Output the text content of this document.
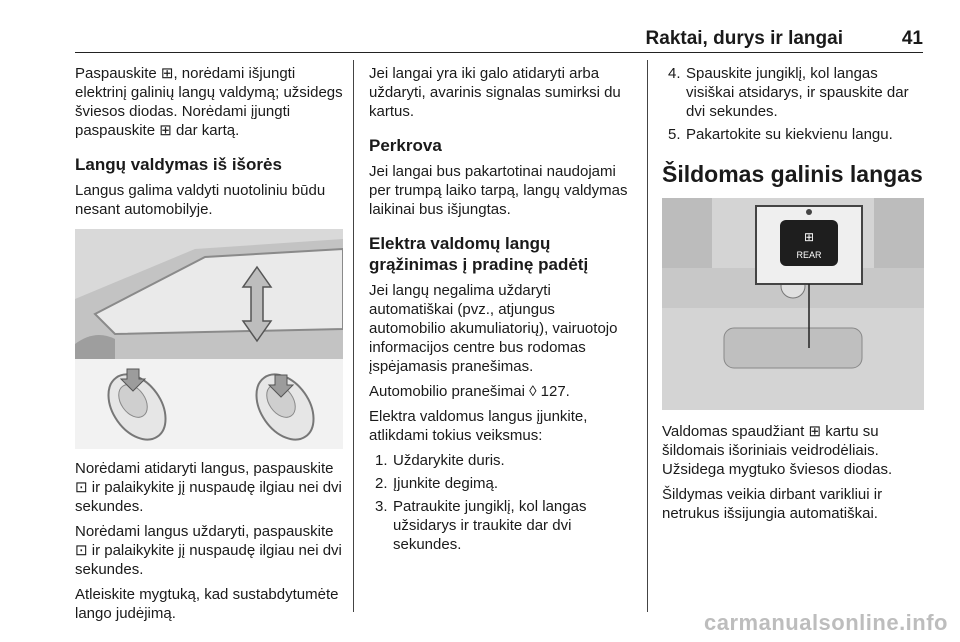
Raktai, durys ir langai	41

Paspauskite ⊞, norėdami išjungti elektrinį galinių langų valdymą; užsidegs šviesos diodas. Norėdami įjungti paspauskite ⊞ dar kartą.

Langų valdymas iš išorės

Langus galima valdyti nuotoliniu būdu nesant automobilyje.

Norėdami atidaryti langus, paspauskite ⊡ ir palaikykite jį nuspaudę ilgiau nei dvi sekundes.

Norėdami langus uždaryti, paspauskite ⊡ ir palaikykite jį nuspaudę ilgiau nei dvi sekundes.

Atleiskite mygtuką, kad sustabdytumėte lango judėjimą.

Jei langai yra iki galo atidaryti arba uždaryti, avarinis signalas sumirksi du kartus.

Perkrova

Jei langai bus pakartotinai naudojami per trumpą laiko tarpą, langų valdymas laikinai bus išjungtas.

Elektra valdomų langų grąžinimas į pradinę padėtį

Jei langų negalima uždaryti automatiškai (pvz., atjungus automobilio akumuliatorių), vairuotojo informacijos centre bus rodomas įspėjamasis pranešimas.

Automobilio pranešimai ◊ 127.

Elektra valdomus langus įjunkite, atlikdami tokius veiksmus:

1. Uždarykite duris.
2. Įjunkite degimą.
3. Patraukite jungiklį, kol langas užsidarys ir traukite dar dvi sekundes.
4. Spauskite jungiklį, kol langas visiškai atsidarys, ir spauskite dar dvi sekundes.
5. Pakartokite su kiekvienu langu.
Šildomas galinis langas
REAR
⊞

Valdomas spaudžiant ⊞ kartu su šildomais išoriniais veidrodėliais. Užsidega mygtuko šviesos diodas.

Šildymas veikia dirbant varikliui ir netrukus išsijungia automatiškai.

carmanualsonline.info
